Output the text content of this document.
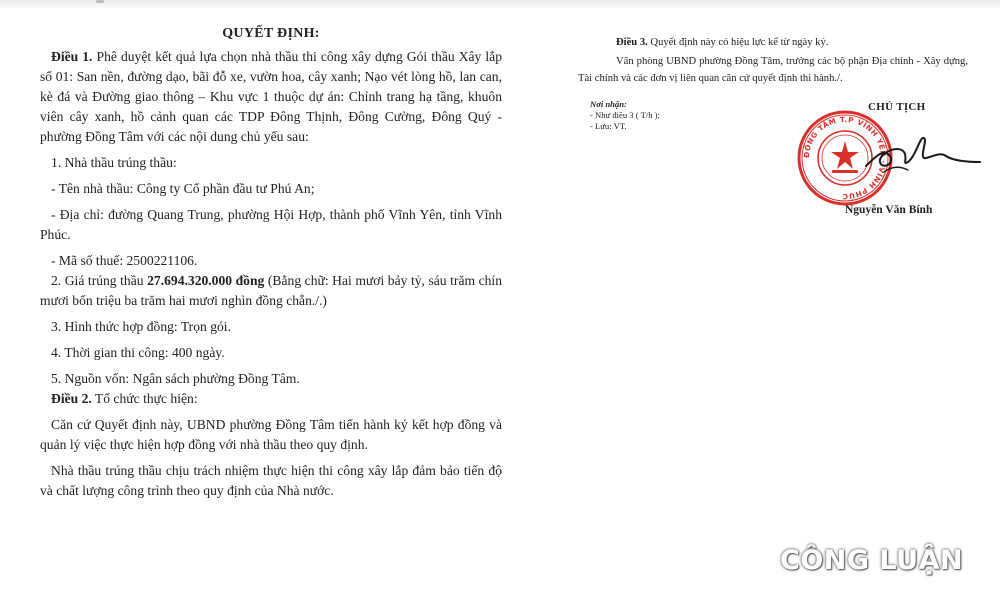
QUYẾT ĐỊNH:

Điều 1. Phê duyệt kết quả lựa chọn nhà thầu thi công xây dựng Gói thầu Xây lắp số 01: San nền, đường dạo, bãi đỗ xe, vườn hoa, cây xanh; Nạo vét lòng hồ, lan can, kè đá và Đường giao thông – Khu vực 1 thuộc dự án: Chỉnh trang hạ tầng, khuôn viên cây xanh, hồ cảnh quan các TDP Đông Thịnh, Đông Cường, Đông Quý - phường Đồng Tâm với các nội dung chủ yếu sau:

1. Nhà thầu trúng thầu:

- Tên nhà thầu: Công ty Cổ phần đầu tư Phú An;

- Địa chỉ: đường Quang Trung, phường Hội Hợp, thành phố Vĩnh Yên, tỉnh Vĩnh Phúc.

- Mã số thuế: 2500221106.

2. Giá trúng thầu 27.694.320.000 đồng (Bằng chữ: Hai mươi bảy tỷ, sáu trăm chín mươi bốn triệu ba trăm hai mươi nghìn đồng chẵn./.)

3. Hình thức hợp đồng: Trọn gói.

4. Thời gian thi công: 400 ngày.

5. Nguồn vốn: Ngân sách phường Đồng Tâm.

Điều 2. Tổ chức thực hiện:

Căn cứ Quyết định này, UBND phường Đồng Tâm tiến hành ký kết hợp đồng và quản lý việc thực hiện hợp đồng với nhà thầu theo quy định.

Nhà thầu trúng thầu chịu trách nhiệm thực hiện thi công xây lắp đảm bảo tiến độ và chất lượng công trình theo quy định của Nhà nước.

Điều 3. Quyết định này có hiệu lực kể từ ngày ký.

Văn phòng UBND phường Đồng Tâm, trưởng các bộ phận Địa chính - Xây dựng, Tài chính và các đơn vị liên quan căn cứ quyết định thi hành./.

Nơi nhận:
- Như điều 3 ( T/h );
- Lưu: VT.
CHỦ TỊCH
ĐỒNG TÂM T.P VĨNH YÊN · VĨNH PHÚC
Nguyễn Văn Bính
CÔNG LUẬN
